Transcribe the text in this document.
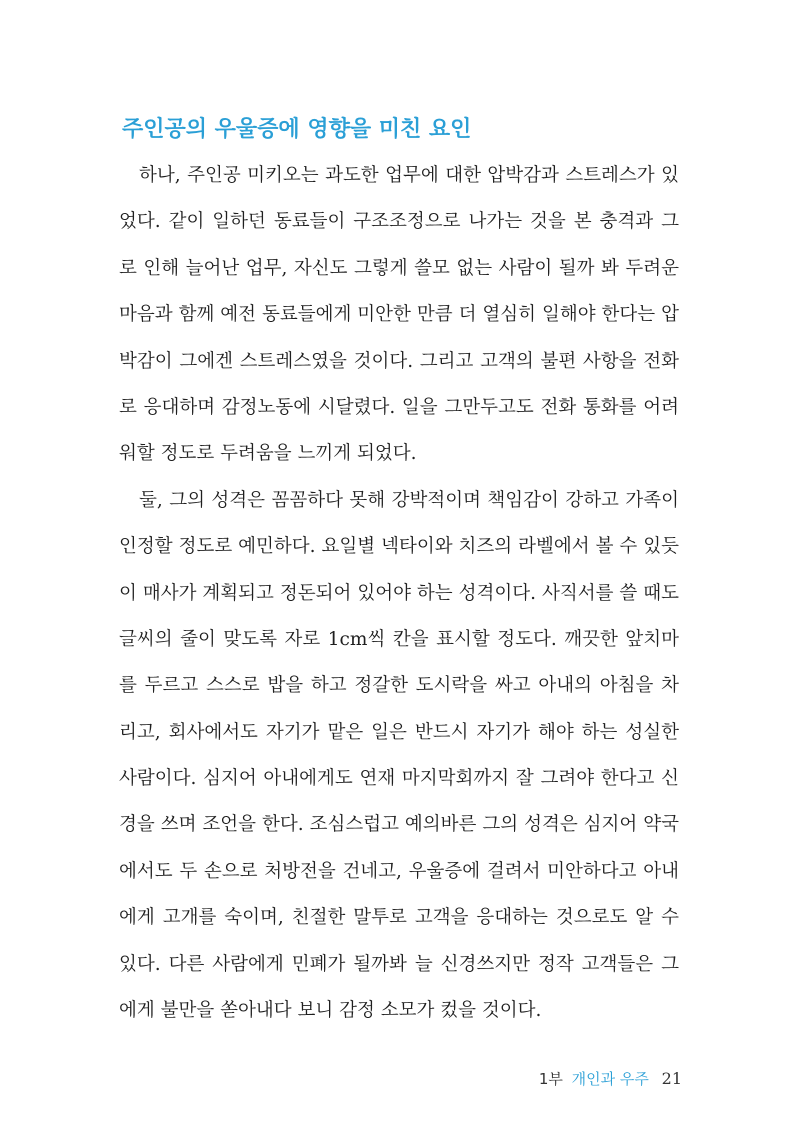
주인공의 우울증에 영향을 미친 요인
하나, 주인공 미키오는 과도한 업무에 대한 압박감과 스트레스가 있
었다. 같이 일하던 동료들이 구조조정으로 나가는 것을 본 충격과 그
로 인해 늘어난 업무, 자신도 그렇게 쓸모 없는 사람이 될까 봐 두려운
마음과 함께 예전 동료들에게 미안한 만큼 더 열심히 일해야 한다는 압
박감이 그에겐 스트레스였을 것이다. 그리고 고객의 불편 사항을 전화
로 응대하며 감정노동에 시달렸다. 일을 그만두고도 전화 통화를 어려
워할 정도로 두려움을 느끼게 되었다.
둘, 그의 성격은 꼼꼼하다 못해 강박적이며 책임감이 강하고 가족이
인정할 정도로 예민하다. 요일별 넥타이와 치즈의 라벨에서 볼 수 있듯
이 매사가 계획되고 정돈되어 있어야 하는 성격이다. 사직서를 쓸 때도
글씨의 줄이 맞도록 자로 1cm씩 칸을 표시할 정도다. 깨끗한 앞치마
를 두르고 스스로 밥을 하고 정갈한 도시락을 싸고 아내의 아침을 차
리고, 회사에서도 자기가 맡은 일은 반드시 자기가 해야 하는 성실한
사람이다. 심지어 아내에게도 연재 마지막회까지 잘 그려야 한다고 신
경을 쓰며 조언을 한다. 조심스럽고 예의바른 그의 성격은 심지어 약국
에서도 두 손으로 처방전을 건네고, 우울증에 걸려서 미안하다고 아내
에게 고개를 숙이며, 친절한 말투로 고객을 응대하는 것으로도 알 수
있다. 다른 사람에게 민폐가 될까봐 늘 신경쓰지만 정작 고객들은 그
에게 불만을 쏟아내다 보니 감정 소모가 컸을 것이다.
1부 개인과 우주 21
